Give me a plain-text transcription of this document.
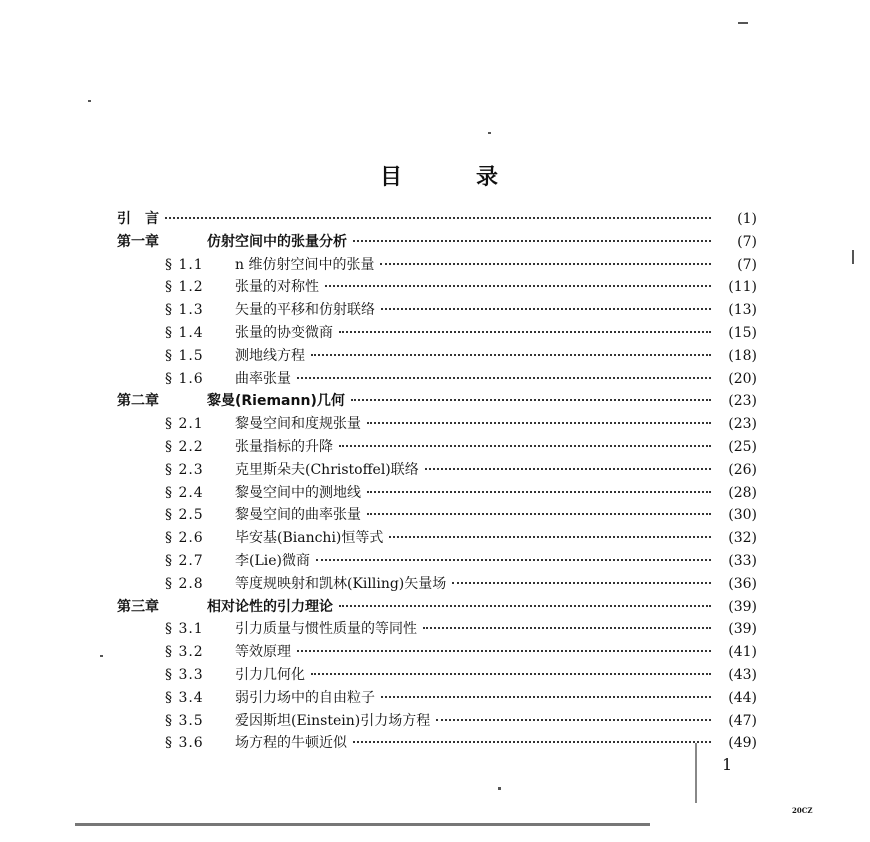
目	录
引　言	(1)
第一章	仿射空间中的张量分析	(7)
§ 1.1	n 维仿射空间中的张量	(7)
§ 1.2	张量的对称性	(11)
§ 1.3	矢量的平移和仿射联络	(13)
§ 1.4	张量的协变微商	(15)
§ 1.5	测地线方程	(18)
§ 1.6	曲率张量	(20)
第二章	黎曼(Riemann)几何	(23)
§ 2.1	黎曼空间和度规张量	(23)
§ 2.2	张量指标的升降	(25)
§ 2.3	克里斯朵夫(Christoffel)联络	(26)
§ 2.4	黎曼空间中的测地线	(28)
§ 2.5	黎曼空间的曲率张量	(30)
§ 2.6	毕安基(Bianchi)恒等式	(32)
§ 2.7	李(Lie)微商	(33)
§ 2.8	等度规映射和凯林(Killing)矢量场	(36)
第三章	相对论性的引力理论	(39)
§ 3.1	引力质量与惯性质量的等同性	(39)
§ 3.2	等效原理	(41)
§ 3.3	引力几何化	(43)
§ 3.4	弱引力场中的自由粒子	(44)
§ 3.5	爱因斯坦(Einstein)引力场方程	(47)
§ 3.6	场方程的牛顿近似	(49)
1
20CZ
